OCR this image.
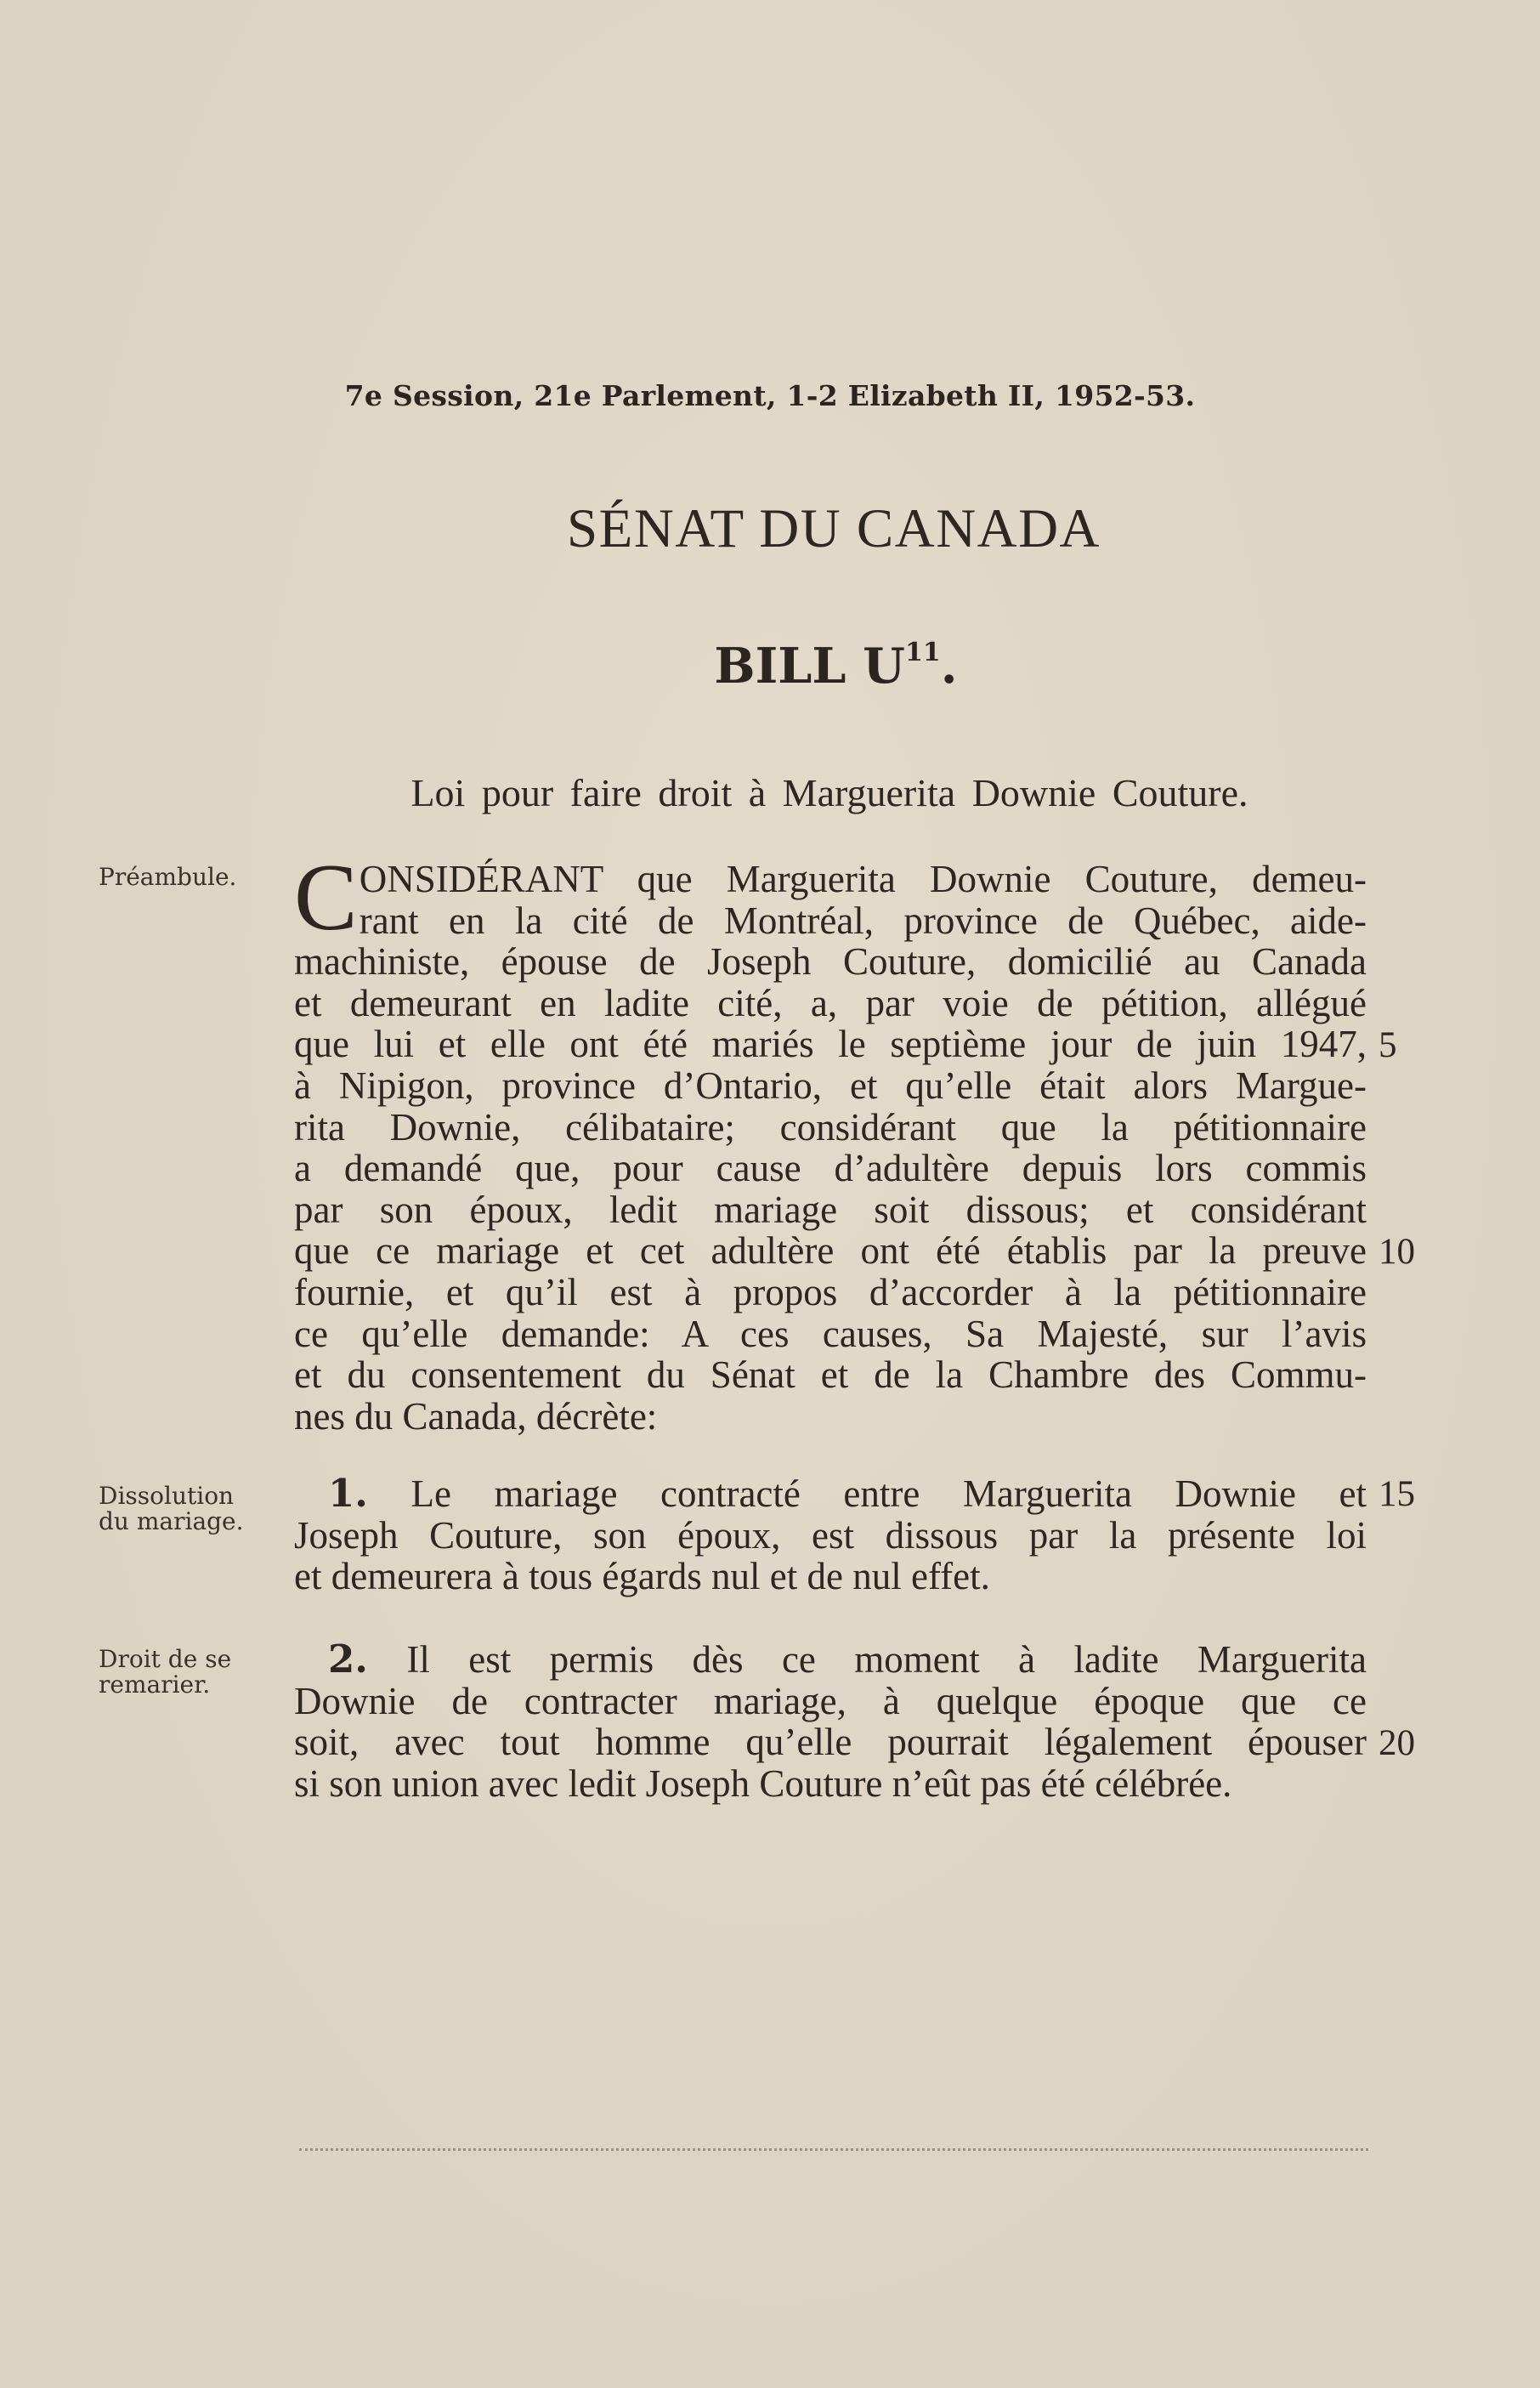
7e Session, 21e Parlement, 1-2 Elizabeth II, 1952-53.
SÉNAT DU CANADA
BILL $U^{11}$.
Loi pour faire droit à Marguerita Downie Couture.
Préambule. C ONSIDÉRANT que Marguerita Downie Couture, demeu-
rant en la cité de Montréal, province de Québec, aide-
machiniste, épouse de Joseph Couture, domicilié au Canada
et demeurant en ladite cité, a, par voie de pétition, allégué
que lui et elle ont été mariés le septième jour de juin 1947,
à Nipigon, province d’Ontario, et qu’elle était alors Margue-
rita Downie, célibataire; considérant que la pétitionnaire
a demandé que, pour cause d’adultère depuis lors commis
par son époux, ledit mariage soit dissous; et considérant
que ce mariage et cet adultère ont été établis par la preuve
fournie, et qu’il est à propos d’accorder à la pétitionnaire
ce qu’elle demande: A ces causes, Sa Majesté, sur l’avis
et du consentement du Sénat et de la Chambre des Commu-
nes du Canada, décrète:
5
10
Dissolution
du mariage.
1. Le mariage contracté entre Marguerita Downie et
Joseph Couture, son époux, est dissous par la présente loi
et demeurera à tous égards nul et de nul effet.
15
Droit de se
remarier.
2. Il est permis dès ce moment à ladite Marguerita
Downie de contracter mariage, à quelque époque que ce
soit, avec tout homme qu’elle pourrait légalement épouser
si son union avec ledit Joseph Couture n’eût pas été célébrée.
20
